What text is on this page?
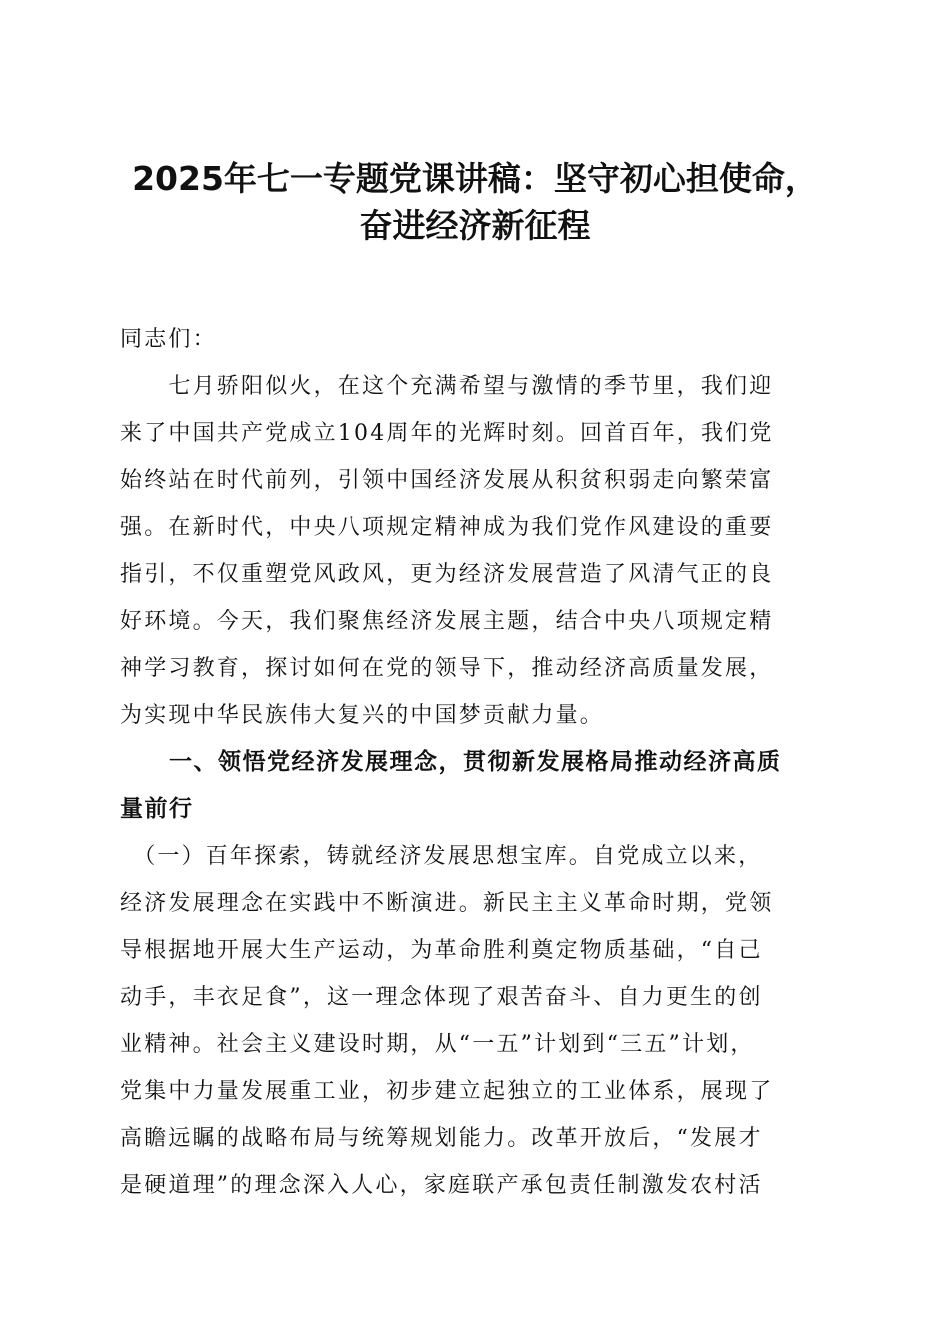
2025年七一专题党课讲稿：坚守初心担使命，
奋进经济新征程
同志们：
　　七月骄阳似火，在这个充满希望与激情的季节里，我们迎
来了中国共产党成立104周年的光辉时刻。回首百年，我们党
始终站在时代前列，引领中国经济发展从积贫积弱走向繁荣富
强。在新时代，中央八项规定精神成为我们党作风建设的重要
指引，不仅重塑党风政风，更为经济发展营造了风清气正的良
好环境。今天，我们聚焦经济发展主题，结合中央八项规定精
神学习教育，探讨如何在党的领导下，推动经济高质量发展，
为实现中华民族伟大复兴的中国梦贡献力量。
　　一、领悟党经济发展理念，贯彻新发展格局推动经济高质
量前行
　（一）百年探索，铸就经济发展思想宝库。自党成立以来，
经济发展理念在实践中不断演进。新民主主义革命时期，党领
导根据地开展大生产运动，为革命胜利奠定物质基础，“自己
动手，丰衣足食”，这一理念体现了艰苦奋斗、自力更生的创
业精神。社会主义建设时期，从“一五”计划到“三五”计划，
党集中力量发展重工业，初步建立起独立的工业体系，展现了
高瞻远瞩的战略布局与统筹规划能力。改革开放后，“发展才
是硬道理”的理念深入人心，家庭联产承包责任制激发农村活
